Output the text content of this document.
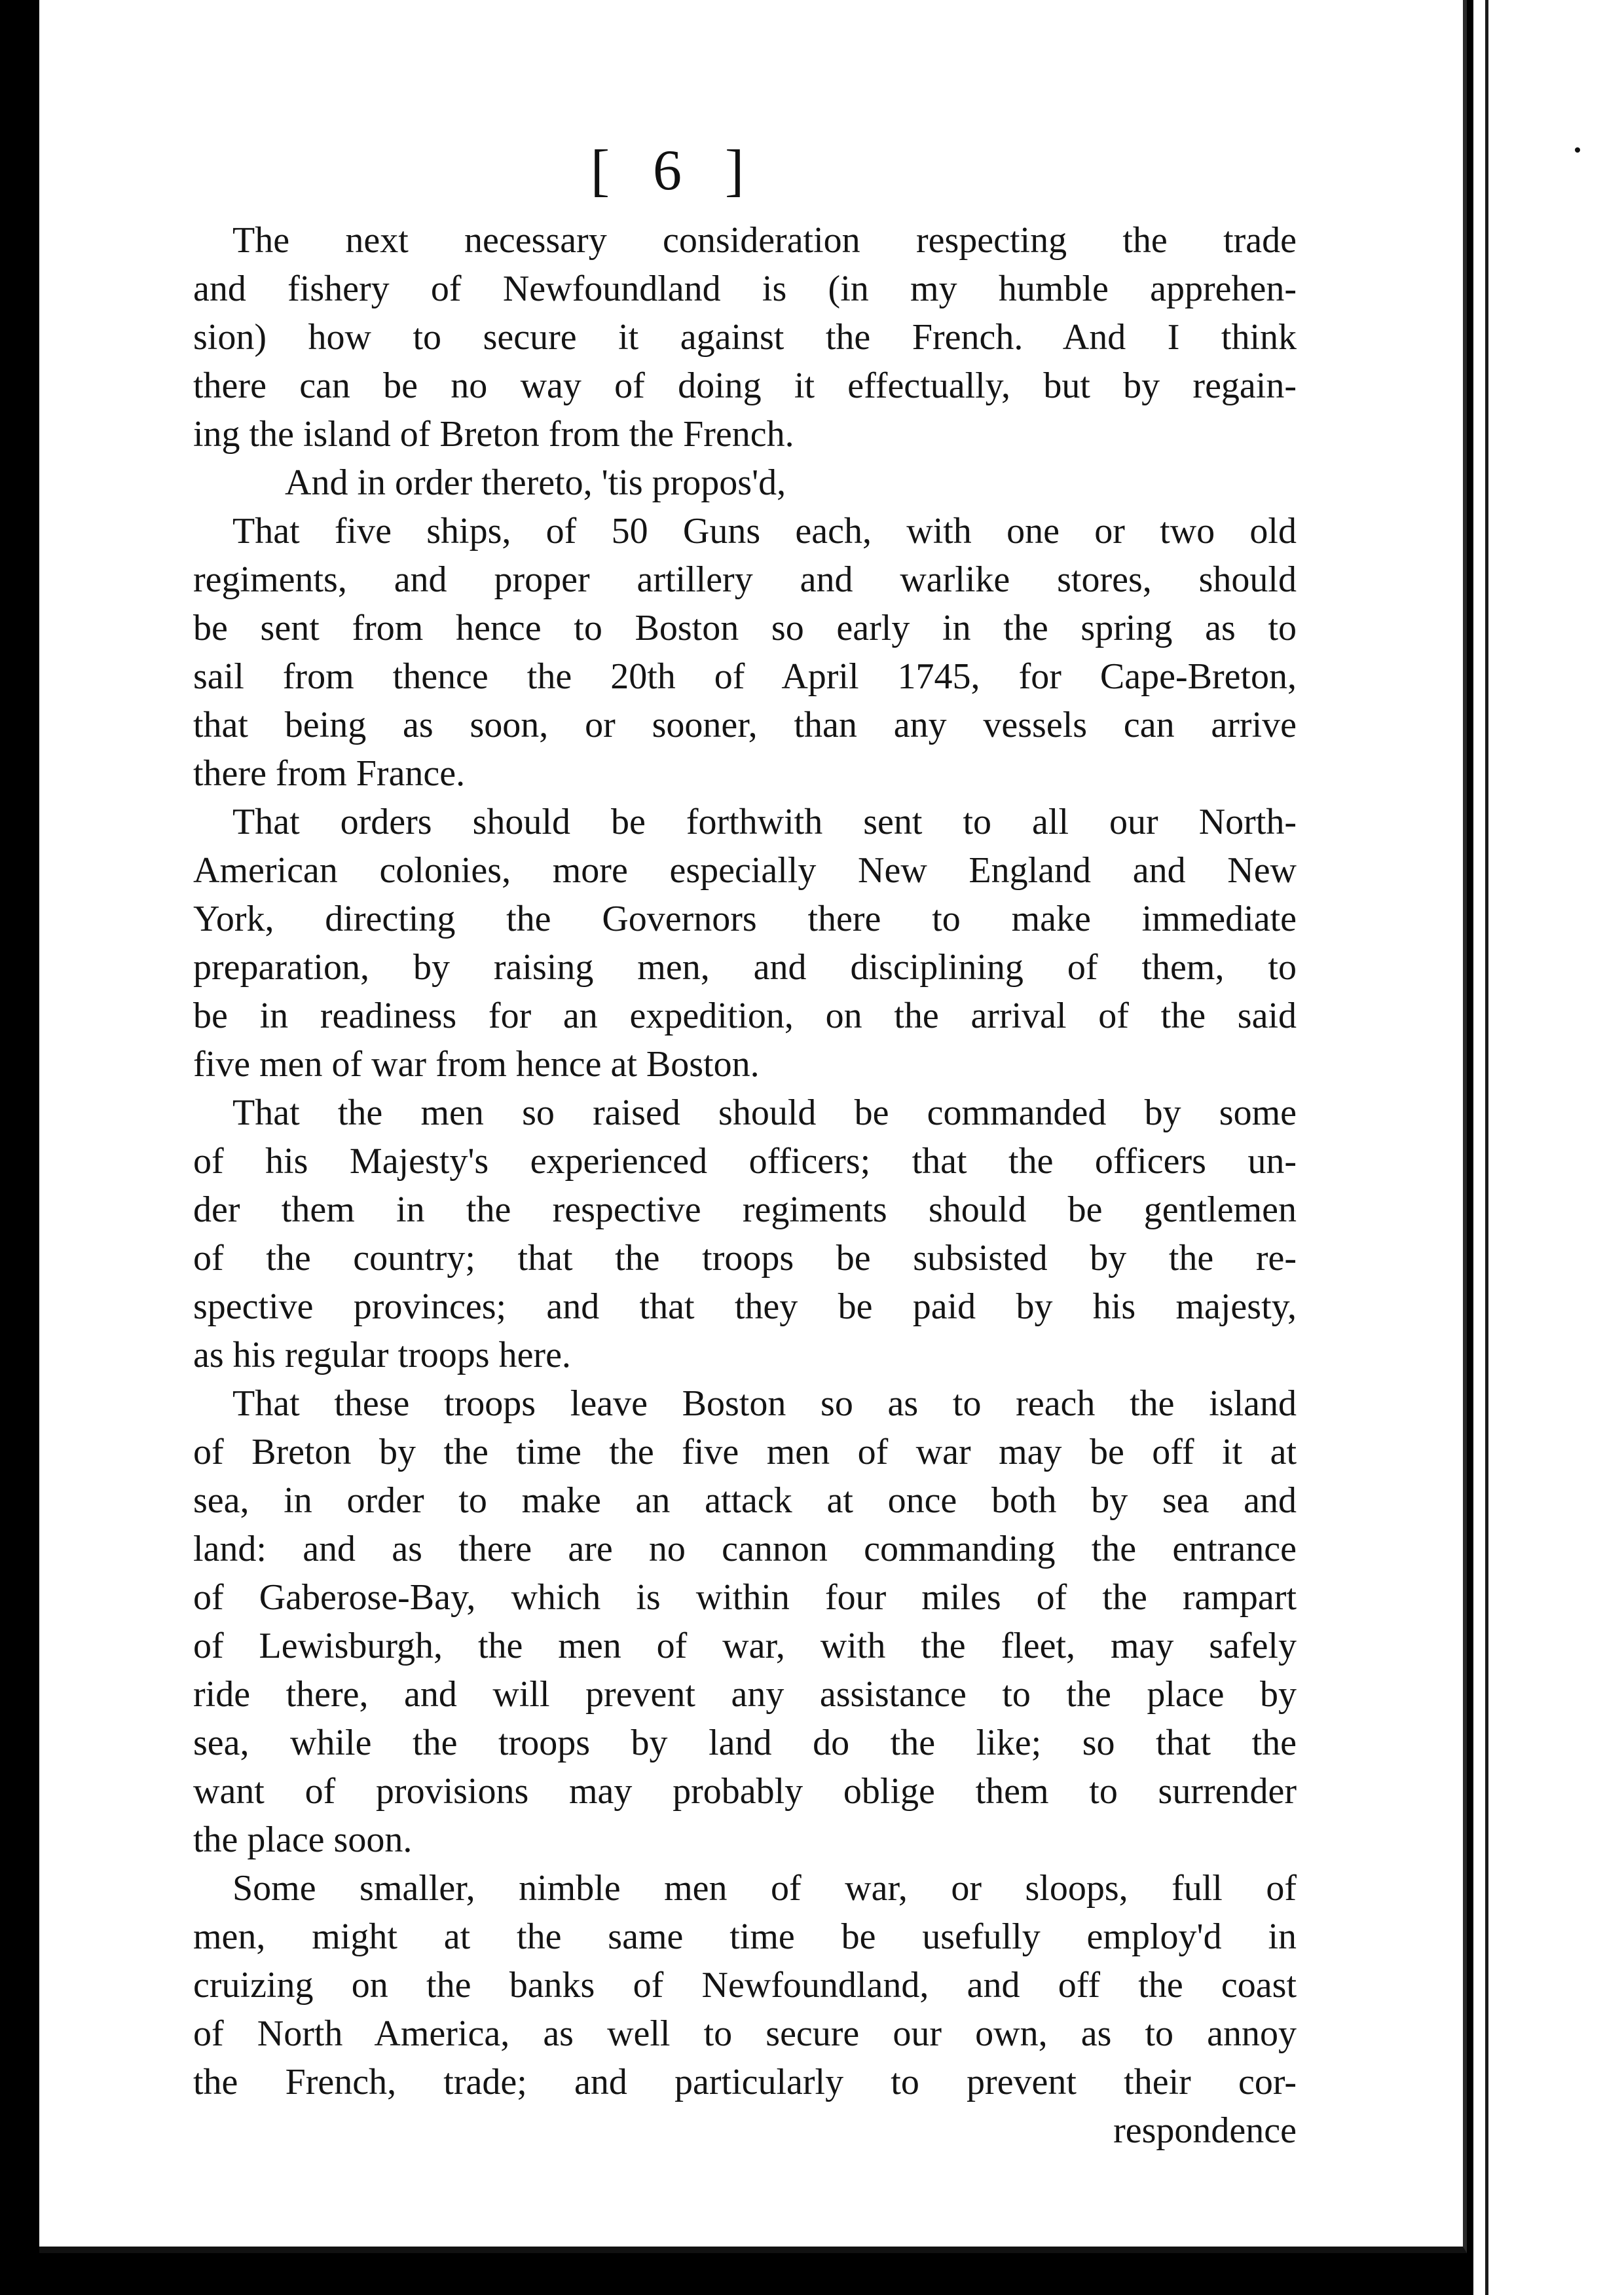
[ 6 ]
The next necessary consideration respecting the trade
and fishery of Newfoundland is (in my humble apprehen-
sion) how to secure it against the French. And I think
there can be no way of doing it effectually, but by regain-
ing the island of Breton from the French.
And in order thereto, 'tis propos'd,
That five ships, of 50 Guns each, with one or two old
regiments, and proper artillery and warlike stores, should
be sent from hence to Boston so early in the spring as to
sail from thence the 20th of April 1745, for Cape-Breton,
that being as soon, or sooner, than any vessels can arrive
there from France.
That orders should be forthwith sent to all our North-
American colonies, more especially New England and New
York, directing the Governors there to make immediate
preparation, by raising men, and disciplining of them, to
be in readiness for an expedition, on the arrival of the said
five men of war from hence at Boston.
That the men so raised should be commanded by some
of his Majesty's experienced officers; that the officers un-
der them in the respective regiments should be gentlemen
of the country; that the troops be subsisted by the re-
spective provinces; and that they be paid by his majesty,
as his regular troops here.
That these troops leave Boston so as to reach the island
of Breton by the time the five men of war may be off it at
sea, in order to make an attack at once both by sea and
land: and as there are no cannon commanding the entrance
of Gaberose-Bay, which is within four miles of the rampart
of Lewisburgh, the men of war, with the fleet, may safely
ride there, and will prevent any assistance to the place by
sea, while the troops by land do the like; so that the
want of provisions may probably oblige them to surrender
the place soon.
Some smaller, nimble men of war, or sloops, full of
men, might at the same time be usefully employ'd in
cruizing on the banks of Newfoundland, and off the coast
of North America, as well to secure our own, as to annoy
the French, trade; and particularly to prevent their cor-
respondence
